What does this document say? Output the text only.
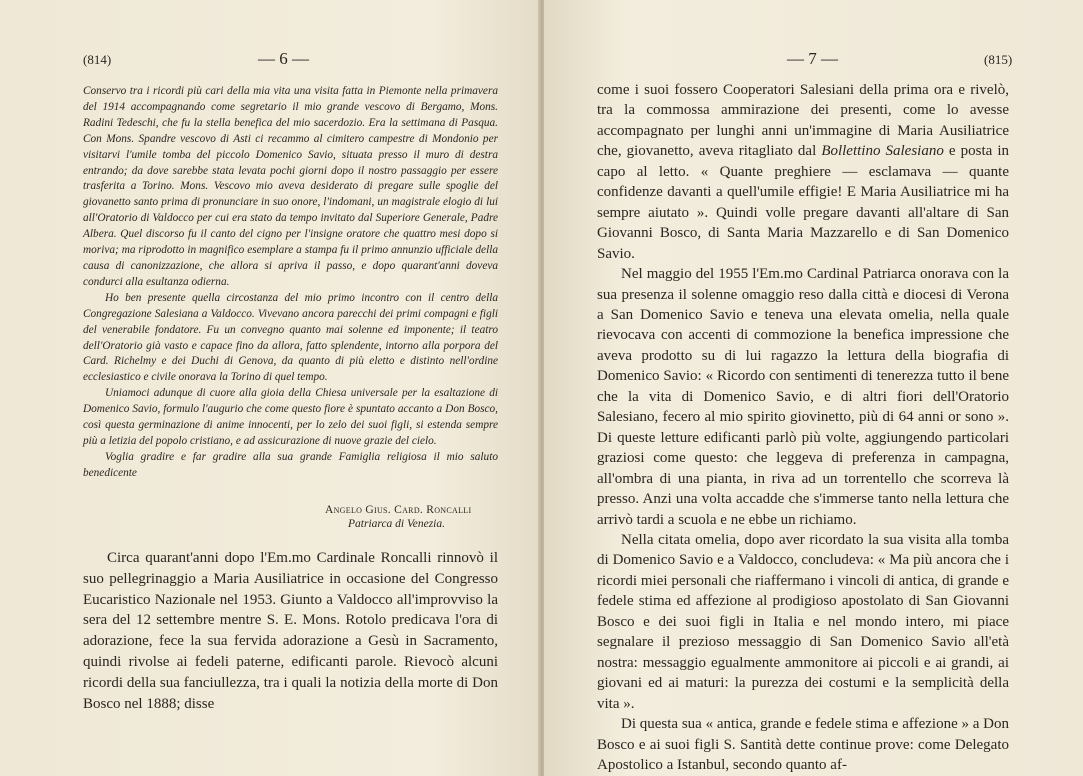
(814)	— 6 —

Conservo tra i ricordi più cari della mia vita una visita fatta in Piemonte nella primavera del 1914 accompagnando come segretario il mio grande vescovo di Bergamo, Mons. Radini Tedeschi, che fu la stella benefica del mio sacerdozio. Era la settimana di Pasqua. Con Mons. Spandre vescovo di Asti ci recammo al cimitero campestre di Mondonio per visitarvi l'umile tomba del piccolo Domenico Savio, situata presso il muro di destra entrando; da dove sarebbe stata levata pochi giorni dopo il nostro passaggio per essere trasferita a Torino. Mons. Vescovo mio aveva desiderato di pregare sulle spoglie del giovanetto santo prima di pronunciare in suo onore, l'indomani, un magistrale elogio di lui all'Oratorio di Valdocco per cui era stato da tempo invitato dal Superiore Generale, Padre Albera. Quel discorso fu il canto del cigno per l'insigne oratore che quattro mesi dopo si moriva; ma riprodotto in magnifico esemplare a stampa fu il primo annunzio ufficiale della causa di canonizzazione, che allora si apriva il passo, e dopo quarant'anni doveva condurci alla esultanza odierna.

Ho ben presente quella circostanza del mio primo incontro con il centro della Congregazione Salesiana a Valdocco. Vivevano ancora parecchi dei primi compagni e figli del venerabile fondatore. Fu un convegno quanto mai solenne ed imponente; il teatro dell'Oratorio già vasto e capace fino da allora, fatto splendente, intorno alla porpora del Card. Richelmy e dei Duchi di Genova, da quanto di più eletto e distinto nell'ordine ecclesiastico e civile onorava la Torino di quel tempo.

Uniamoci adunque di cuore alla gioia della Chiesa universale per la esaltazione di Domenico Savio, formulo l'augurio che come questo fiore è spuntato accanto a Don Bosco, così questa germinazione di anime innocenti, per lo zelo dei suoi figli, si estenda sempre più a letizia del popolo cristiano, e ad assicurazione di nuove grazie del cielo.

Voglia gradire e far gradire alla sua grande Famiglia religiosa il mio saluto benedicente

Angelo Gius. Card. Roncalli
Patriarca di Venezia.

Circa quarant'anni dopo l'Em.mo Cardinale Roncalli rinnovò il suo pellegrinaggio a Maria Ausiliatrice in occasione del Congresso Eucaristico Nazionale nel 1953. Giunto a Valdocco all'improvviso la sera del 12 settembre mentre S. E. Mons. Rotolo predicava l'ora di adorazione, fece la sua fervida adorazione a Gesù in Sacramento, quindi rivolse ai fedeli paterne, edificanti parole. Rievocò alcuni ricordi della sua fanciullezza, tra i quali la notizia della morte di Don Bosco nel 1888; disse

— 7 —	(815)

come i suoi fossero Cooperatori Salesiani della prima ora e rivelò, tra la commossa ammirazione dei presenti, come lo avesse accompagnato per lunghi anni un'immagine di Maria Ausiliatrice che, giovanetto, aveva ritagliato dal Bollettino Salesiano e posta in capo al letto. « Quante preghiere — esclamava — quante confidenze davanti a quell'umile effigie! E Maria Ausiliatrice mi ha sempre aiutato ». Quindi volle pregare davanti all'altare di San Giovanni Bosco, di Santa Maria Mazzarello e di San Domenico Savio.

Nel maggio del 1955 l'Em.mo Cardinal Patriarca onorava con la sua presenza il solenne omaggio reso dalla città e diocesi di Verona a San Domenico Savio e teneva una elevata omelia, nella quale rievocava con accenti di commozione la benefica impressione che aveva prodotto su di lui ragazzo la lettura della biografia di Domenico Savio: « Ricordo con sentimenti di tenerezza tutto il bene che la vita di Domenico Savio, e di altri fiori dell'Oratorio Salesiano, fecero al mio spirito giovinetto, più di 64 anni or sono ». Di queste letture edificanti parlò più volte, aggiungendo particolari graziosi come questo: che leggeva di preferenza in campagna, all'ombra di una pianta, in riva ad un torrentello che scorreva là presso. Anzi una volta accadde che s'immerse tanto nella lettura che arrivò tardi a scuola e ne ebbe un richiamo.

Nella citata omelia, dopo aver ricordato la sua visita alla tomba di Domenico Savio e a Valdocco, concludeva: « Ma più ancora che i ricordi miei personali che riaffermano i vincoli di antica, di grande e fedele stima ed affezione al prodigioso apostolato di San Giovanni Bosco e dei suoi figli in Italia e nel mondo intero, mi piace segnalare il prezioso messaggio di San Domenico Savio all'età nostra: messaggio egualmente ammonitore ai piccoli e ai grandi, ai giovani ed ai maturi: la purezza dei costumi e la semplicità della vita ».

Di questa sua « antica, grande e fedele stima e affezione » a Don Bosco e ai suoi figli S. Santità dette continue prove: come Delegato Apostolico a Istanbul, secondo quanto af-
